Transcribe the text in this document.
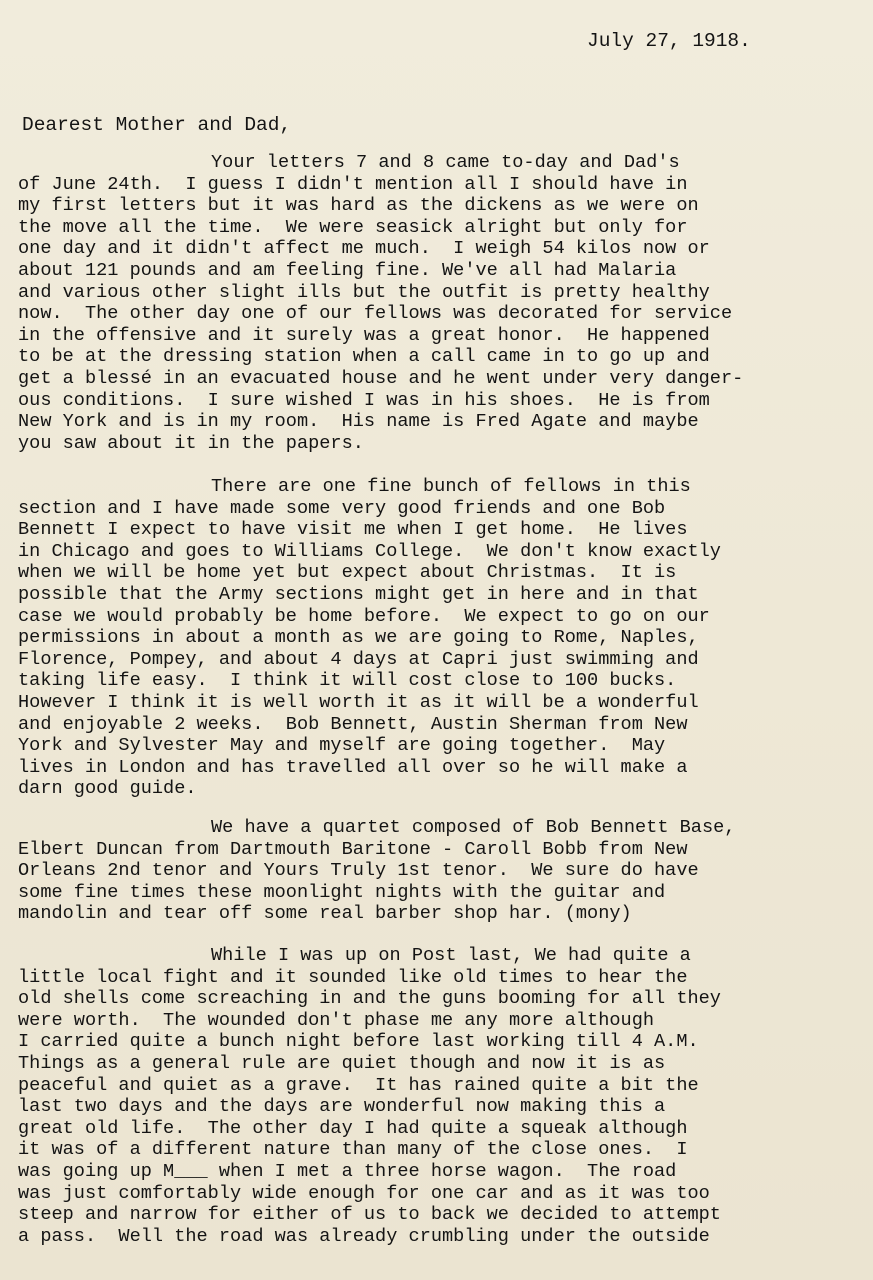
July 27, 1918.
Dearest Mother and Dad,
Your letters 7 and 8 came to-day and Dad's
of June 24th.  I guess I didn't mention all I should have in
my first letters but it was hard as the dickens as we were on
the move all the time.  We were seasick alright but only for
one day and it didn't affect me much.  I weigh 54 kilos now or
about 121 pounds and am feeling fine. We've all had Malaria
and various other slight ills but the outfit is pretty healthy
now.  The other day one of our fellows was decorated for service
in the offensive and it surely was a great honor.  He happened
to be at the dressing station when a call came in to go up and
get a blessé in an evacuated house and he went under very danger-
ous conditions.  I sure wished I was in his shoes.  He is from
New York and is in my room.  His name is Fred Agate and maybe
you saw about it in the papers.
There are one fine bunch of fellows in this
section and I have made some very good friends and one Bob
Bennett I expect to have visit me when I get home.  He lives
in Chicago and goes to Williams College.  We don't know exactly
when we will be home yet but expect about Christmas.  It is
possible that the Army sections might get in here and in that
case we would probably be home before.  We expect to go on our
permissions in about a month as we are going to Rome, Naples,
Florence, Pompey, and about 4 days at Capri just swimming and
taking life easy.  I think it will cost close to 100 bucks.
However I think it is well worth it as it will be a wonderful
and enjoyable 2 weeks.  Bob Bennett, Austin Sherman from New
York and Sylvester May and myself are going together.  May
lives in London and has travelled all over so he will make a
darn good guide.
We have a quartet composed of Bob Bennett Base,
Elbert Duncan from Dartmouth Baritone - Caroll Bobb from New
Orleans 2nd tenor and Yours Truly 1st tenor.  We sure do have
some fine times these moonlight nights with the guitar and
mandolin and tear off some real barber shop har. (mony)
While I was up on Post last, We had quite a
little local fight and it sounded like old times to hear the
old shells come screaching in and the guns booming for all they
were worth.  The wounded don't phase me any more although
I carried quite a bunch night before last working till 4 A.M.
Things as a general rule are quiet though and now it is as
peaceful and quiet as a grave.  It has rained quite a bit the
last two days and the days are wonderful now making this a
great old life.  The other day I had quite a squeak although
it was of a different nature than many of the close ones.  I
was going up M___ when I met a three horse wagon.  The road
was just comfortably wide enough for one car and as it was too
steep and narrow for either of us to back we decided to attempt
a pass.  Well the road was already crumbling under the outside
